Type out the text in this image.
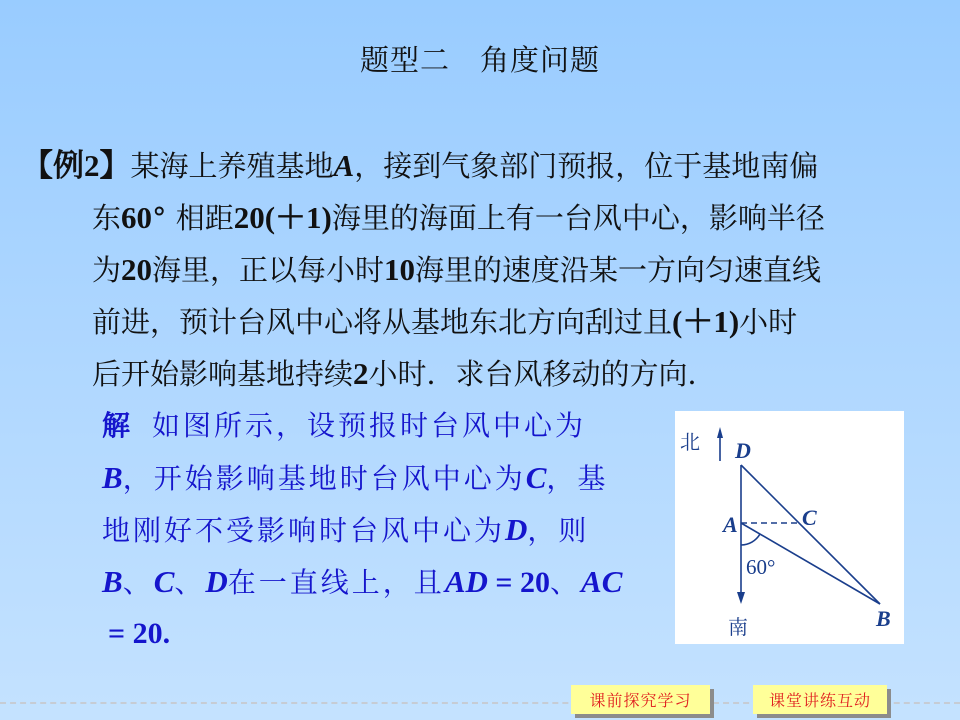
题型二 角度问题
【例2】某海上养殖基地A，接到气象部门预报，位于基地南偏
东60° 相距20(＋1)海里的海面上有一台风中心，影响半径
为20海里，正以每小时10海里的速度沿某一方向匀速直线
前进，预计台风中心将从基地东北方向刮过且(＋1)小时
后开始影响基地持续2小时．求台风移动的方向．
解 如图所示，设预报时台风中心为
B，开始影响基地时台风中心为C，基
地刚好不受影响时台风中心为D，则
B、C、D在一直线上，且AD = 20、AC
= 20.
北 D
A	C
B
60°
南
课前探究学习	课堂讲练互动
